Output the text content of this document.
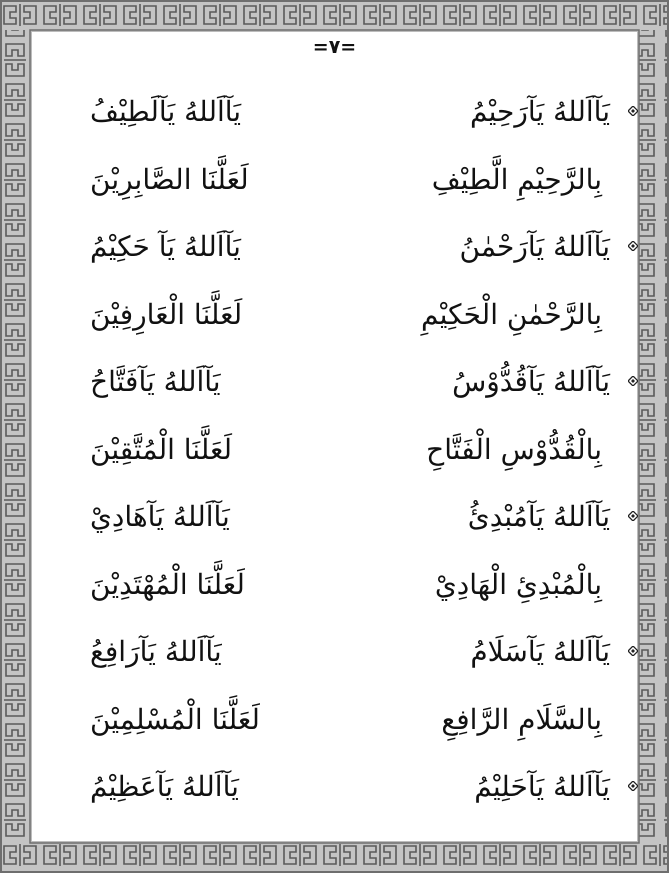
=٧=
يَآاَللهُ يَآرَحِيْمُ
يَآاَللهُ يَآلَطِيْفُ
بِالرَّحِيْمِ الَّطِيْفِ
لَعَلَّنَا الصَّابِرِيْنَ
يَآاَللهُ يَآرَحْمٰنُ
يَآاَللهُ يَآ حَكِيْمُ
بِالرَّحْمٰنِ الْحَكِيْمِ
لَعَلَّنَا الْعَارِفِيْنَ
يَآاَللهُ يَآقُدُّوْسُ
يَآاَللهُ يَآفَتَّاحُ
بِالْقُدُّوْسِ الْفَتَّاحِ
لَعَلَّنَا الْمُتَّقِيْنَ
يَآاَللهُ يَآمُبْدِئُ
يَآاَللهُ يَآهَادِيْ
بِالْمُبْدِئِ الْهَادِيْ
لَعَلَّنَا الْمُهْتَدِيْنَ
يَآاَللهُ يَآسَلَامُ
يَآاَللهُ يَآرَافِعُ
بِالسَّلَامِ الرَّافِعِ
لَعَلَّنَا الْمُسْلِمِيْنَ
يَآاَللهُ يَآحَلِيْمُ
يَآاَللهُ يَآعَظِيْمُ
